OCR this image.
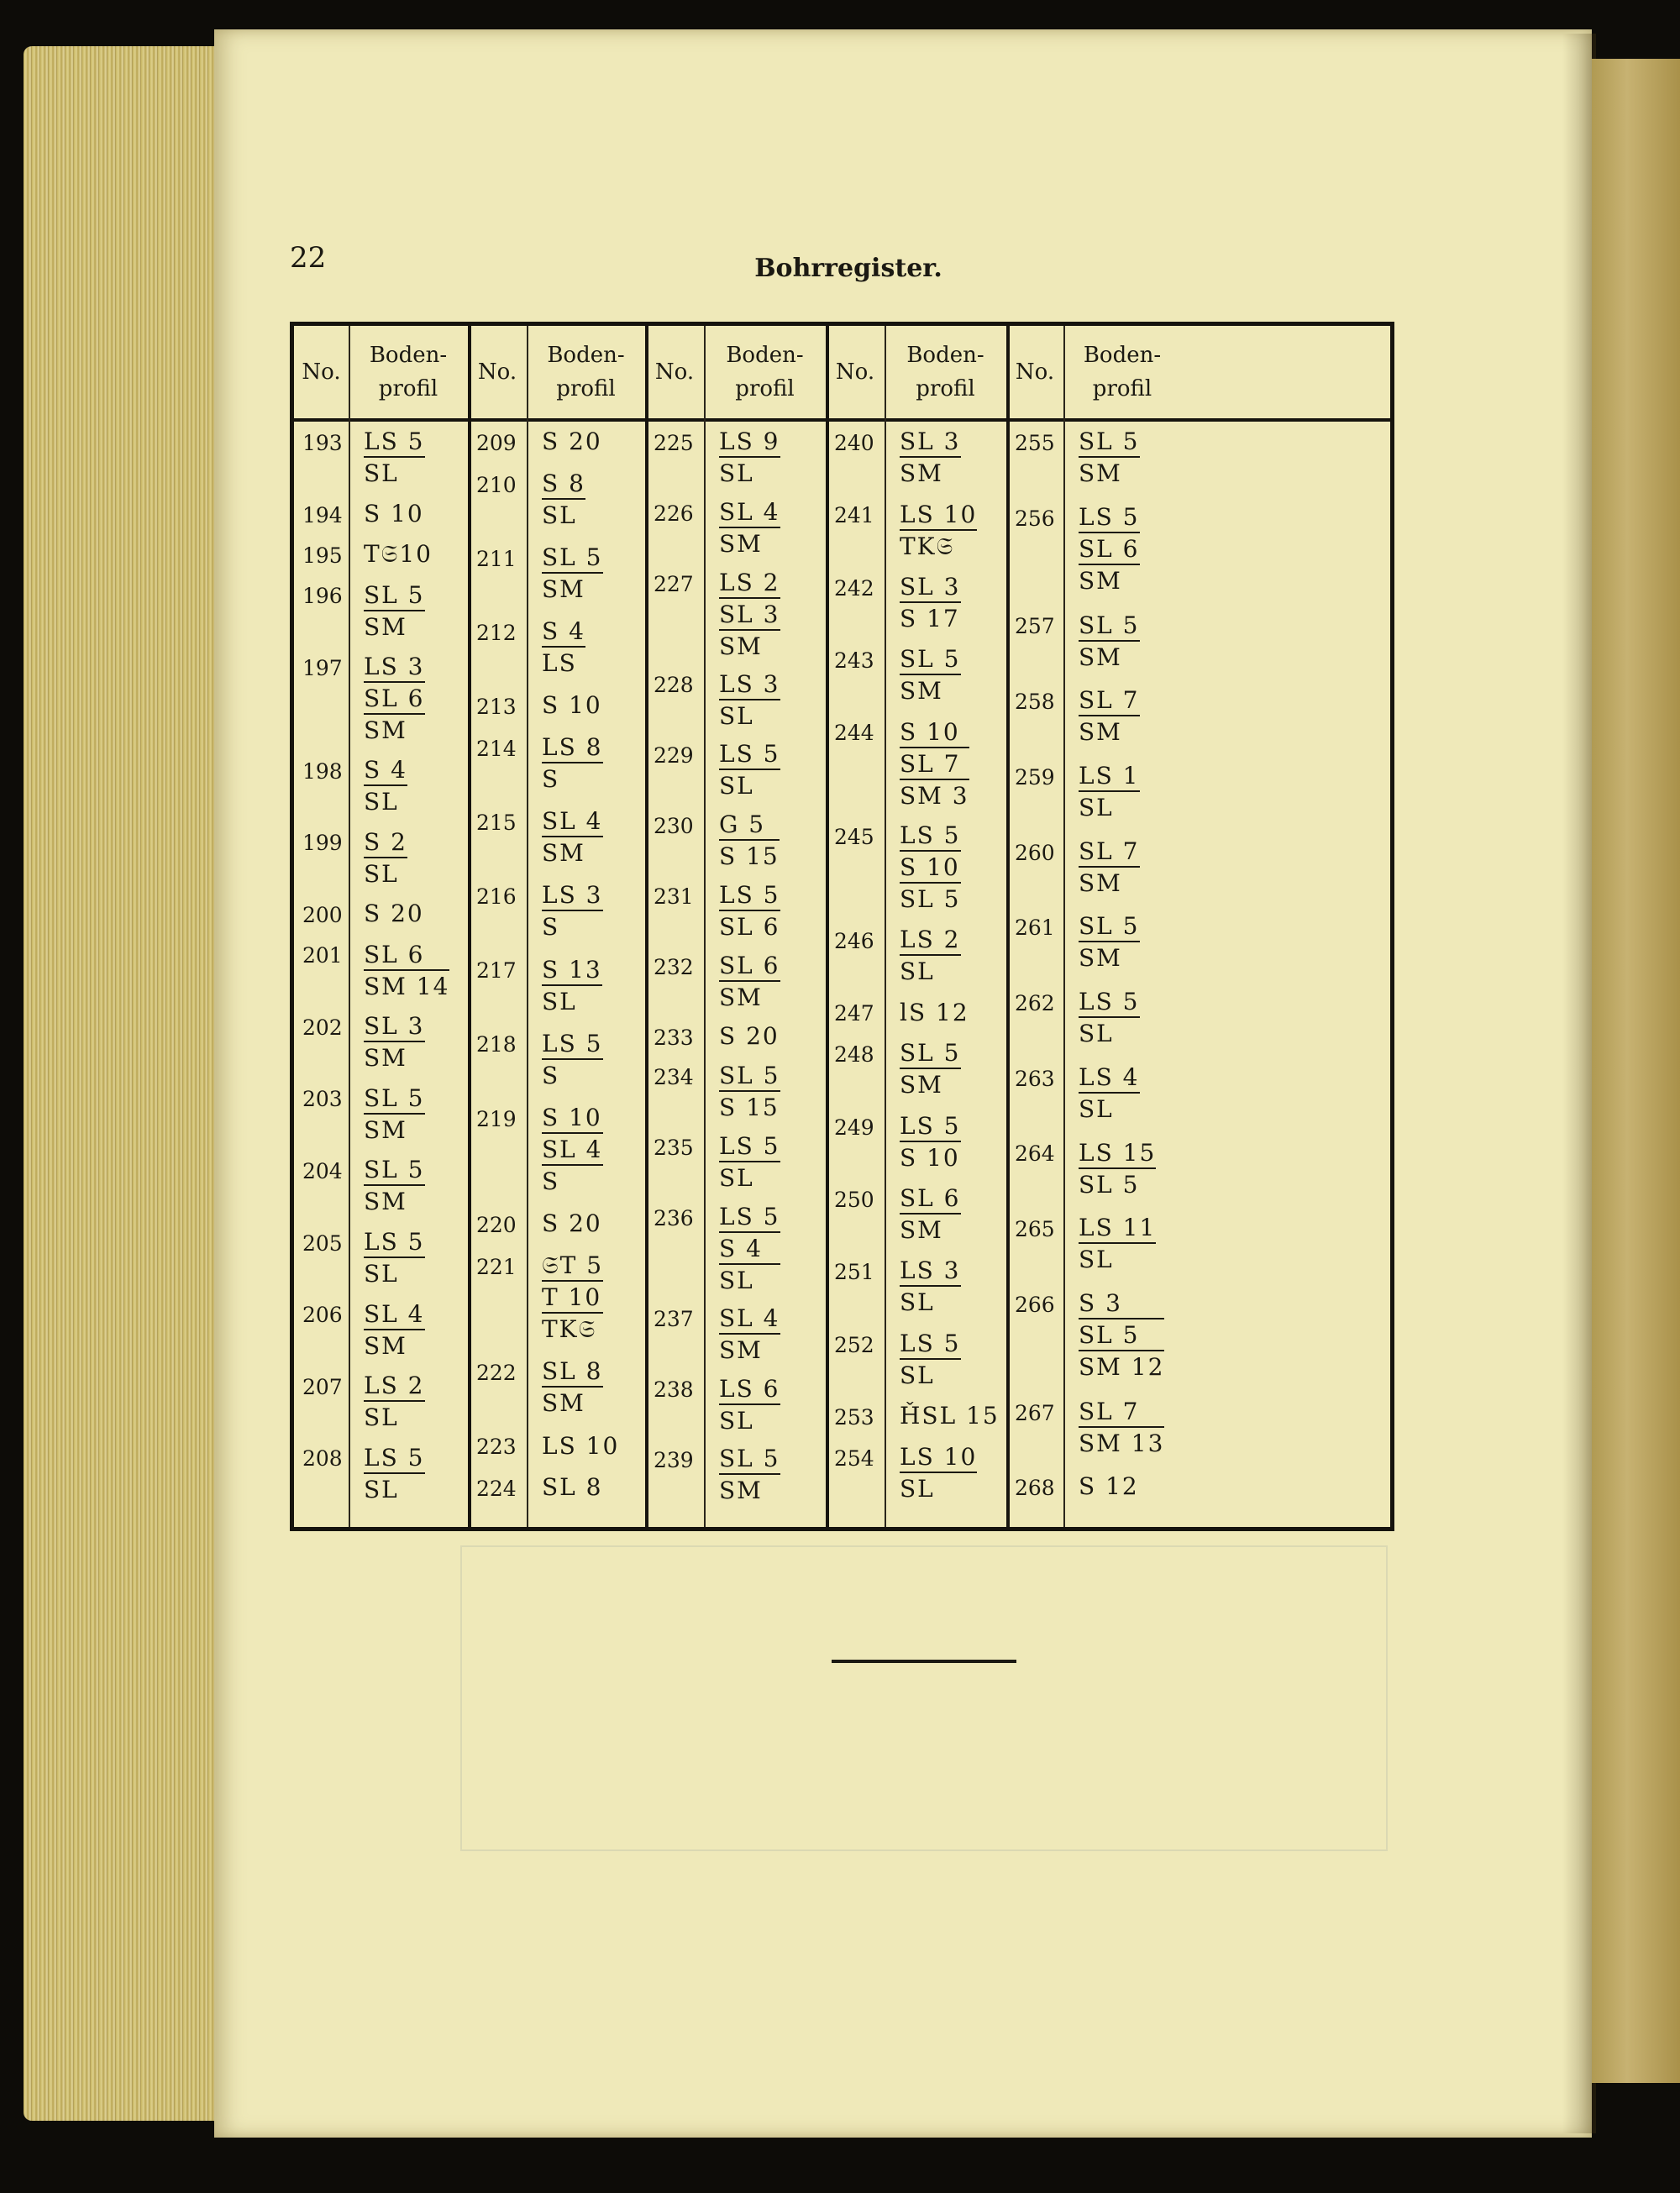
22	Bohrregister.
No.
Boden-
profil
No.
Boden-
profil
No.
Boden-
profil
No.
Boden-
profil
No.
Boden-
profil
193 LS 5
SL
194 S 10
195 T𝔖10
196 SL 5
SM
197 LS 3
SL 6
SM
198 S 4
SL
199 S 2
SL
200 S 20
201 SL 6
SM 14
202 SL 3
SM
203 SL 5
SM
204 SL 5
SM
205 LS 5
SL
206 SL 4
SM
207 LS 2
SL
208 LS 5
SL
209 S 20
210 S 8
SL
211 SL 5
SM
212 S 4
LS
213 S 10
214 LS 8
S
215 SL 4
SM
216 LS 3
S
217 S 13
SL
218 LS 5
S
219 S 10
SL 4
S
220 S 20
221 𝔖T 5
T 10
TK𝔖
222 SL 8
SM
223 LS 10
224 SL 8
225 LS 9
SL
226 SL 4
SM
227 LS 2
SL 3
SM
228 LS 3
SL
229 LS 5
SL
230 G 5
S 15
231 LS 5
SL 6
232 SL 6
SM
233 S 20
234 SL 5
S 15
235 LS 5
SL
236 LS 5
S 4
SL
237 SL 4
SM
238 LS 6
SL
239 SL 5
SM
240 SL 3
SM
241 LS 10
TK𝔖
242 SL 3
S 17
243 SL 5
SM
244 S 10
SL 7
SM 3
245 LS 5
S 10
SL 5
246 LS 2
SL
247 lS 12
248 SL 5
SM
249 LS 5
S 10
250 SL 6
SM
251 LS 3
SL
252 LS 5
SL
253 ȞSL 15
254 LS 10
SL
255 SL 5
SM
256 LS 5
SL 6
SM
257 SL 5
SM
258 SL 7
SM
259 LS 1
SL
260 SL 7
SM
261 SL 5
SM
262 LS 5
SL
263 LS 4
SL
264 LS 15
SL 5
265 LS 11
SL
266 S 3
SL 5
SM 12
267 SL 7
SM 13
268 S 12
